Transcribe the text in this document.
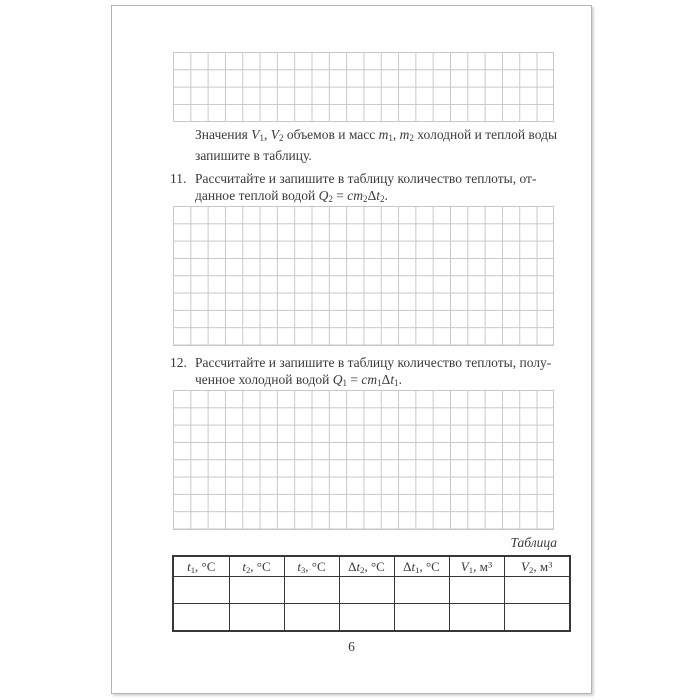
Значения V1, V2 объемов и масс m1, m2 холодной и теплой воды
запишите в таблицу.
11. Рассчитайте и запишите в таблицу количество теплоты, от-
данное теплой водой Q2 = cm2Δt2.
12. Рассчитайте и запишите в таблицу количество теплоты, полу-
ченное холодной водой Q1 = cm1Δt1.
Таблица
t1, °C	t2, °C	t3, °C	Δt2, °C	Δt1, °C	V1, $м^3$	V2, $м^3$

6
